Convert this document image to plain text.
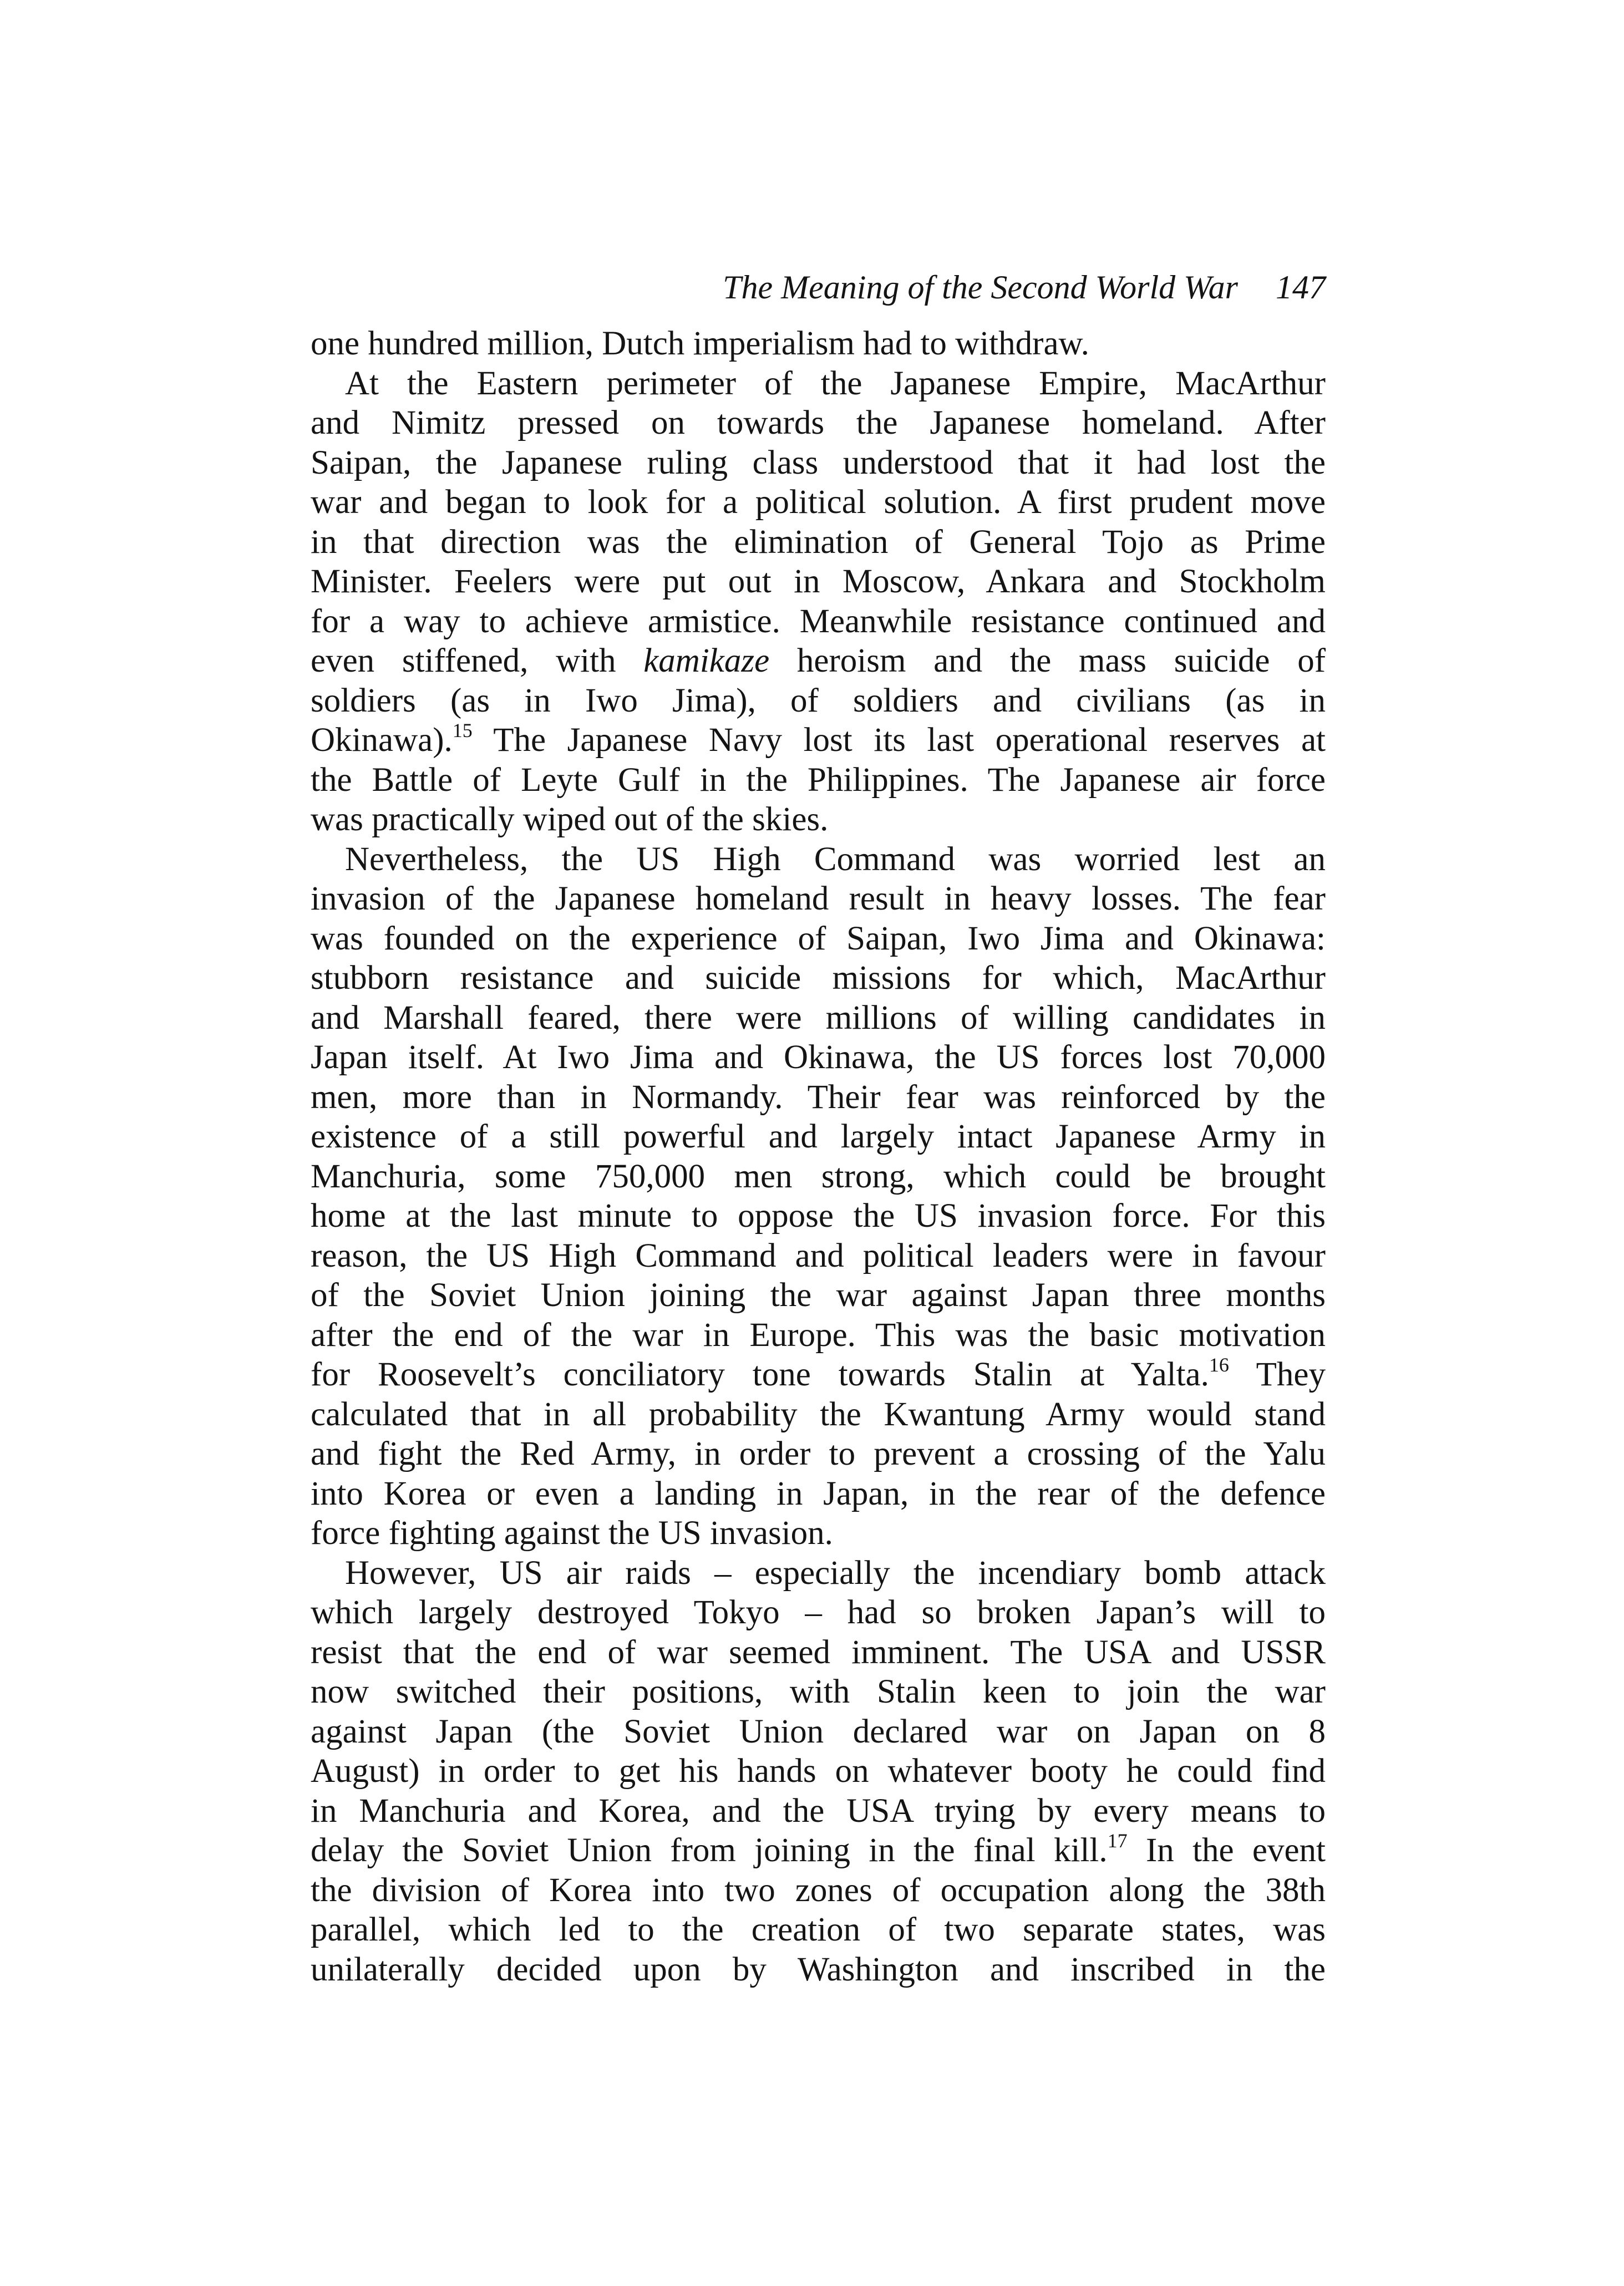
The Meaning of the Second World War 147
one hundred million, Dutch imperialism had to withdraw.
At the Eastern perimeter of the Japanese Empire, MacArthur
and Nimitz pressed on towards the Japanese homeland. After
Saipan, the Japanese ruling class understood that it had lost the
war and began to look for a political solution. A first prudent move
in that direction was the elimination of General Tojo as Prime
Minister. Feelers were put out in Moscow, Ankara and Stockholm
for a way to achieve armistice. Meanwhile resistance continued and
even stiffened, with kamikaze heroism and the mass suicide of
soldiers (as in Iwo Jima), of soldiers and civilians (as in
Okinawa).$^{15}$ The Japanese Navy lost its last operational reserves at
the Battle of Leyte Gulf in the Philippines. The Japanese air force
was practically wiped out of the skies.
Nevertheless, the US High Command was worried lest an
invasion of the Japanese homeland result in heavy losses. The fear
was founded on the experience of Saipan, Iwo Jima and Okinawa:
stubborn resistance and suicide missions for which, MacArthur
and Marshall feared, there were millions of willing candidates in
Japan itself. At Iwo Jima and Okinawa, the US forces lost 70,000
men, more than in Normandy. Their fear was reinforced by the
existence of a still powerful and largely intact Japanese Army in
Manchuria, some 750,000 men strong, which could be brought
home at the last minute to oppose the US invasion force. For this
reason, the US High Command and political leaders were in favour
of the Soviet Union joining the war against Japan three months
after the end of the war in Europe. This was the basic motivation
for Roosevelt’s conciliatory tone towards Stalin at Yalta.$^{16}$ They
calculated that in all probability the Kwantung Army would stand
and fight the Red Army, in order to prevent a crossing of the Yalu
into Korea or even a landing in Japan, in the rear of the defence
force fighting against the US invasion.
However, US air raids – especially the incendiary bomb attack
which largely destroyed Tokyo – had so broken Japan’s will to
resist that the end of war seemed imminent. The USA and USSR
now switched their positions, with Stalin keen to join the war
against Japan (the Soviet Union declared war on Japan on 8
August) in order to get his hands on whatever booty he could find
in Manchuria and Korea, and the USA trying by every means to
delay the Soviet Union from joining in the final kill.$^{17}$ In the event
the division of Korea into two zones of occupation along the 38th
parallel, which led to the creation of two separate states, was
unilaterally decided upon by Washington and inscribed in the
